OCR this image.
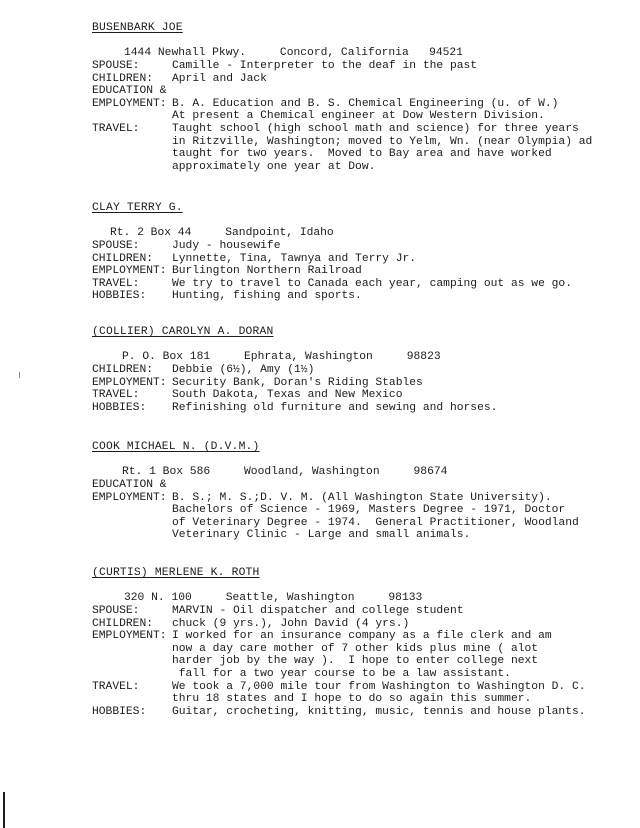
BUSENBARK JOE
1444 Newhall Pkwy.     Concord, California   94521
SPOUSE:	Camille - Interpreter to the deaf in the past
CHILDREN:	April and Jack
EDUCATION &
EMPLOYMENT: B. A. Education and B. S. Chemical Engineering (u. of W.)
At present a Chemical engineer at Dow Western Division.
TRAVEL:	Taught school (high school math and science) for three years
in Ritzville, Washington; moved to Yelm, Wn. (near Olympia) ad
taught for two years.  Moved to Bay area and have worked
approximately one year at Dow.
CLAY TERRY G.
Rt. 2 Box 44     Sandpoint, Idaho
SPOUSE:	Judy - housewife
CHILDREN:	Lynnette, Tina, Tawnya and Terry Jr.
EMPLOYMENT: Burlington Northern Railroad
TRAVEL:	We try to travel to Canada each year, camping out as we go.
HOBBIES:	Hunting, fishing and sports.
(COLLIER) CAROLYN A. DORAN
P. O. Box 181     Ephrata, Washington     98823
CHILDREN:	Debbie (6½), Amy (1½)
EMPLOYMENT: Security Bank, Doran's Riding Stables
TRAVEL:	South Dakota, Texas and New Mexico
HOBBIES:	Refinishing old furniture and sewing and horses.
COOK MICHAEL N. (D.V.M.)
Rt. 1 Box 586     Woodland, Washington     98674
EDUCATION &
EMPLOYMENT: B. S.; M. S.;D. V. M. (All Washington State University).
Bachelors of Science - 1969, Masters Degree - 1971, Doctor
of Veterinary Degree - 1974.  General Practitioner, Woodland
Veterinary Clinic - Large and small animals.
(CURTIS) MERLENE K. ROTH
320 N. 100     Seattle, Washington     98133
SPOUSE:	MARVIN - Oil dispatcher and college student
CHILDREN:	chuck (9 yrs.), John David (4 yrs.)
EMPLOYMENT: I worked for an insurance company as a file clerk and am
now a day care mother of 7 other kids plus mine ( alot
harder job by the way ).  I hope to enter college next
fall for a two year course to be a law assistant.
TRAVEL:	We took a 7,000 mile tour from Washington to Washington D. C.
thru 18 states and I hope to do so again this summer.
HOBBIES:	Guitar, crocheting, knitting, music, tennis and house plants.
